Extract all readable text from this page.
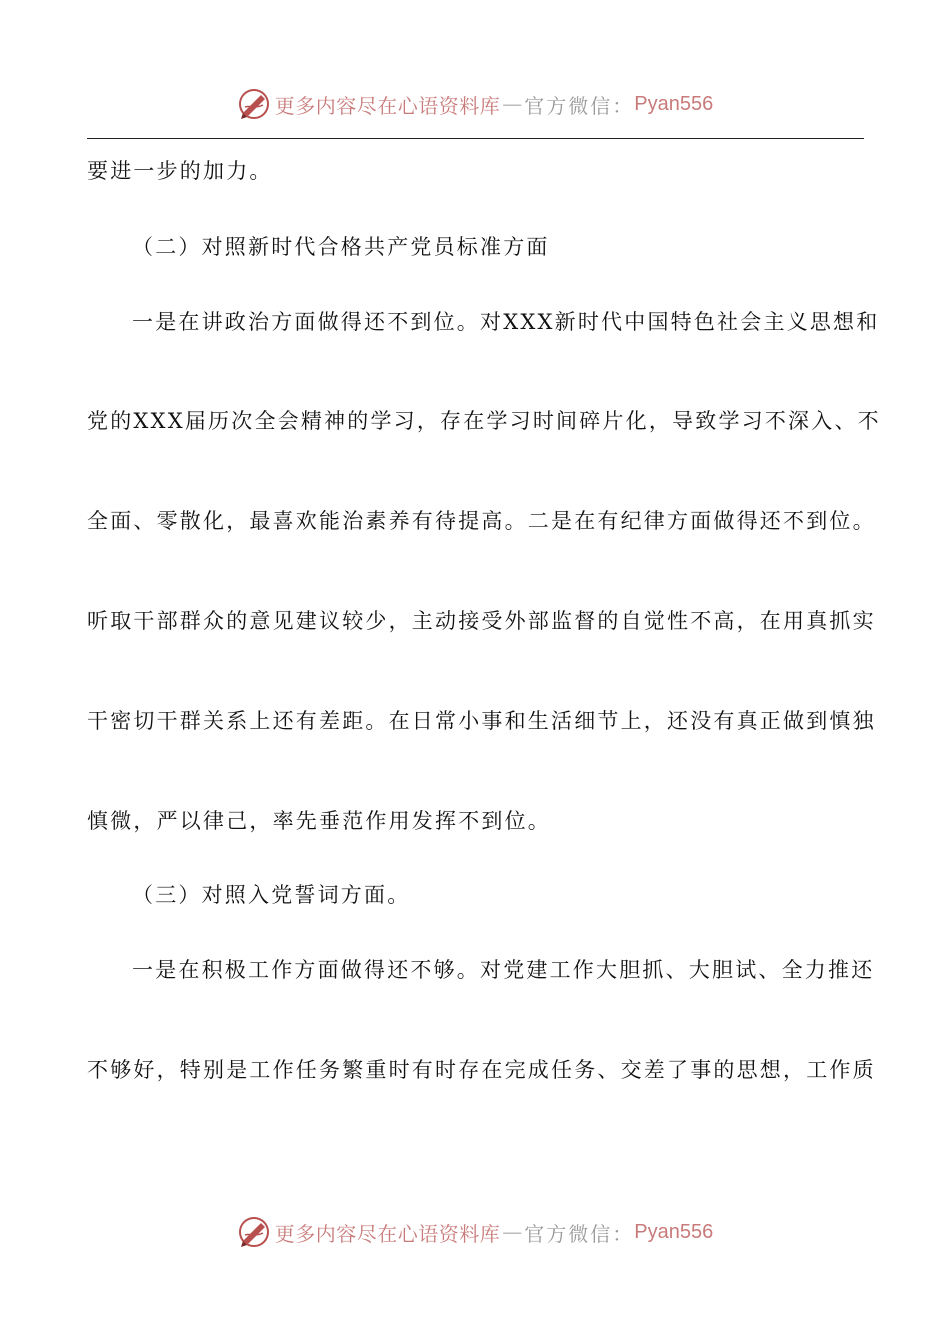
更多内容尽在心语资料库 — 官方微信： Pyan556
要进一步的加力。
（二）对照新时代合格共产党员标准方面
一是在讲政治方面做得还不到位。对XXX新时代中国特色社会主义思想和
党的XXX届历次全会精神的学习，存在学习时间碎片化，导致学习不深入、不
全面、零散化，最喜欢能治素养有待提高。二是在有纪律方面做得还不到位。
听取干部群众的意见建议较少，主动接受外部监督的自觉性不高，在用真抓实
干密切干群关系上还有差距。在日常小事和生活细节上，还没有真正做到慎独
慎微，严以律己，率先垂范作用发挥不到位。
（三）对照入党誓词方面。
一是在积极工作方面做得还不够。对党建工作大胆抓、大胆试、全力推还
不够好，特别是工作任务繁重时有时存在完成任务、交差了事的思想，工作质
更多内容尽在心语资料库 — 官方微信： Pyan556
